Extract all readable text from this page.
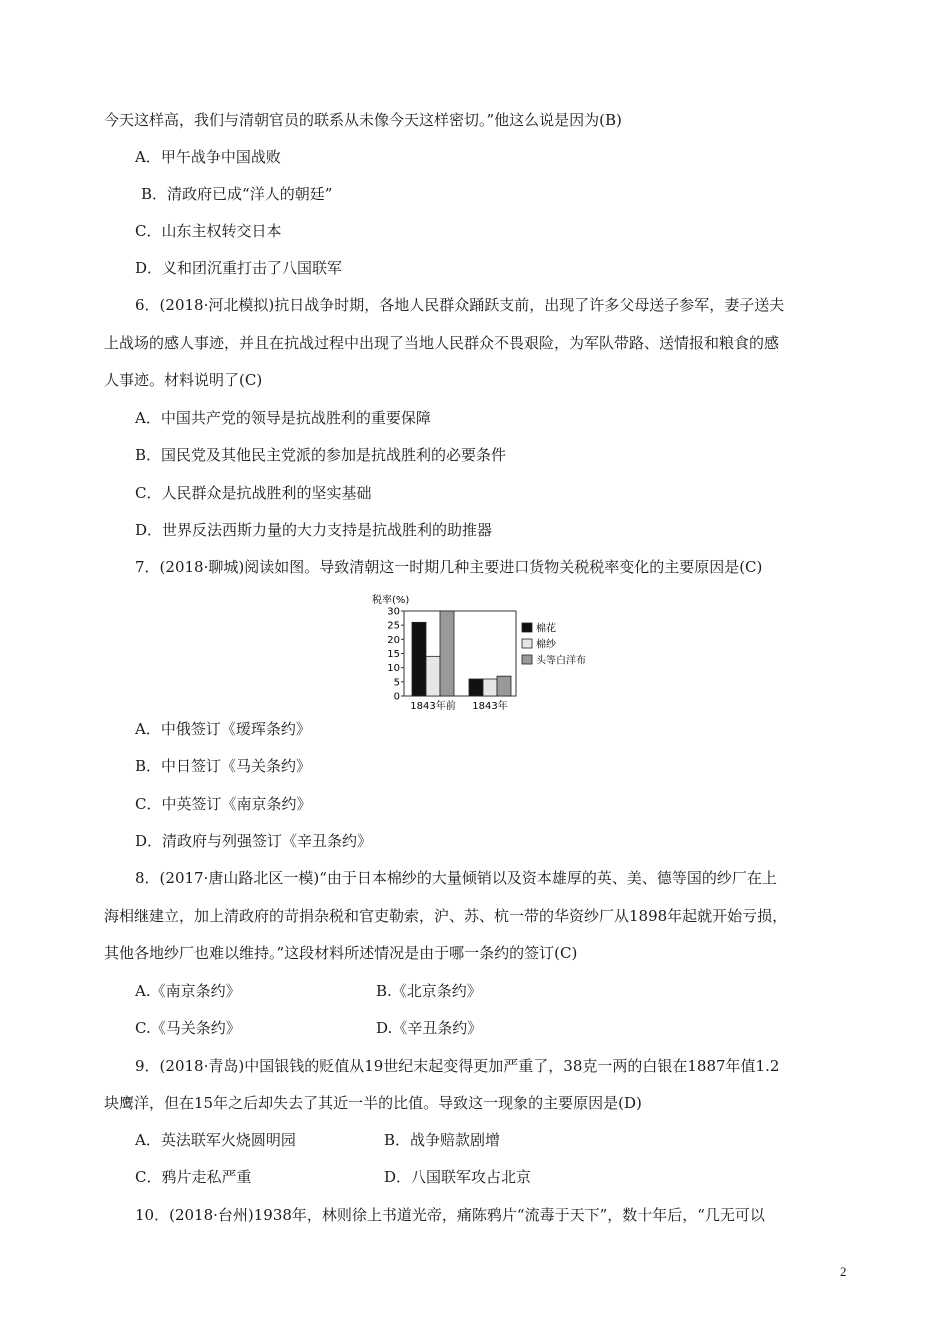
今天这样高，我们与清朝官员的联系从未像今天这样密切。”他这么说是因为(B)
A．甲午战争中国战败
B．清政府已成“洋人的朝廷”
C．山东主权转交日本
D．义和团沉重打击了八国联军
6．(2018·河北模拟)抗日战争时期，各地人民群众踊跃支前，出现了许多父母送子参军，妻子送夫
上战场的感人事迹，并且在抗战过程中出现了当地人民群众不畏艰险，为军队带路、送情报和粮食的感
人事迹。材料说明了(C)
A．中国共产党的领导是抗战胜利的重要保障
B．国民党及其他民主党派的参加是抗战胜利的必要条件
C．人民群众是抗战胜利的坚实基础
D．世界反法西斯力量的大力支持是抗战胜利的助推器
7．(2018·聊城)阅读如图。导致清朝这一时期几种主要进口货物关税税率变化的主要原因是(C)
税率(%)
0
5
10
15
20
25
30
1843年前 1843年
棉花
棉纱
头等白洋布
A．中俄签订《瑷珲条约》
B．中日签订《马关条约》
C．中英签订《南京条约》
D．清政府与列强签订《辛丑条约》
8．(2017·唐山路北区一模)“由于日本棉纱的大量倾销以及资本雄厚的英、美、德等国的纱厂在上
海相继建立，加上清政府的苛捐杂税和官吏勒索，沪、苏、杭一带的华资纱厂从1898年起就开始亏损，
其他各地纱厂也难以维持。”这段材料所述情况是由于哪一条约的签订(C)
A.《南京条约》	B.《北京条约》
C.《马关条约》	D.《辛丑条约》
9．(2018·青岛)中国银钱的贬值从19世纪末起变得更加严重了，38克一两的白银在1887年值1.2
块鹰洋，但在15年之后却失去了其近一半的比值。导致这一现象的主要原因是(D)
A．英法联军火烧圆明园	B．战争赔款剧增
C．鸦片走私严重	D．八国联军攻占北京
10．(2018·台州)1938年，林则徐上书道光帝，痛陈鸦片“流毒于天下”，数十年后，“几无可以
2
